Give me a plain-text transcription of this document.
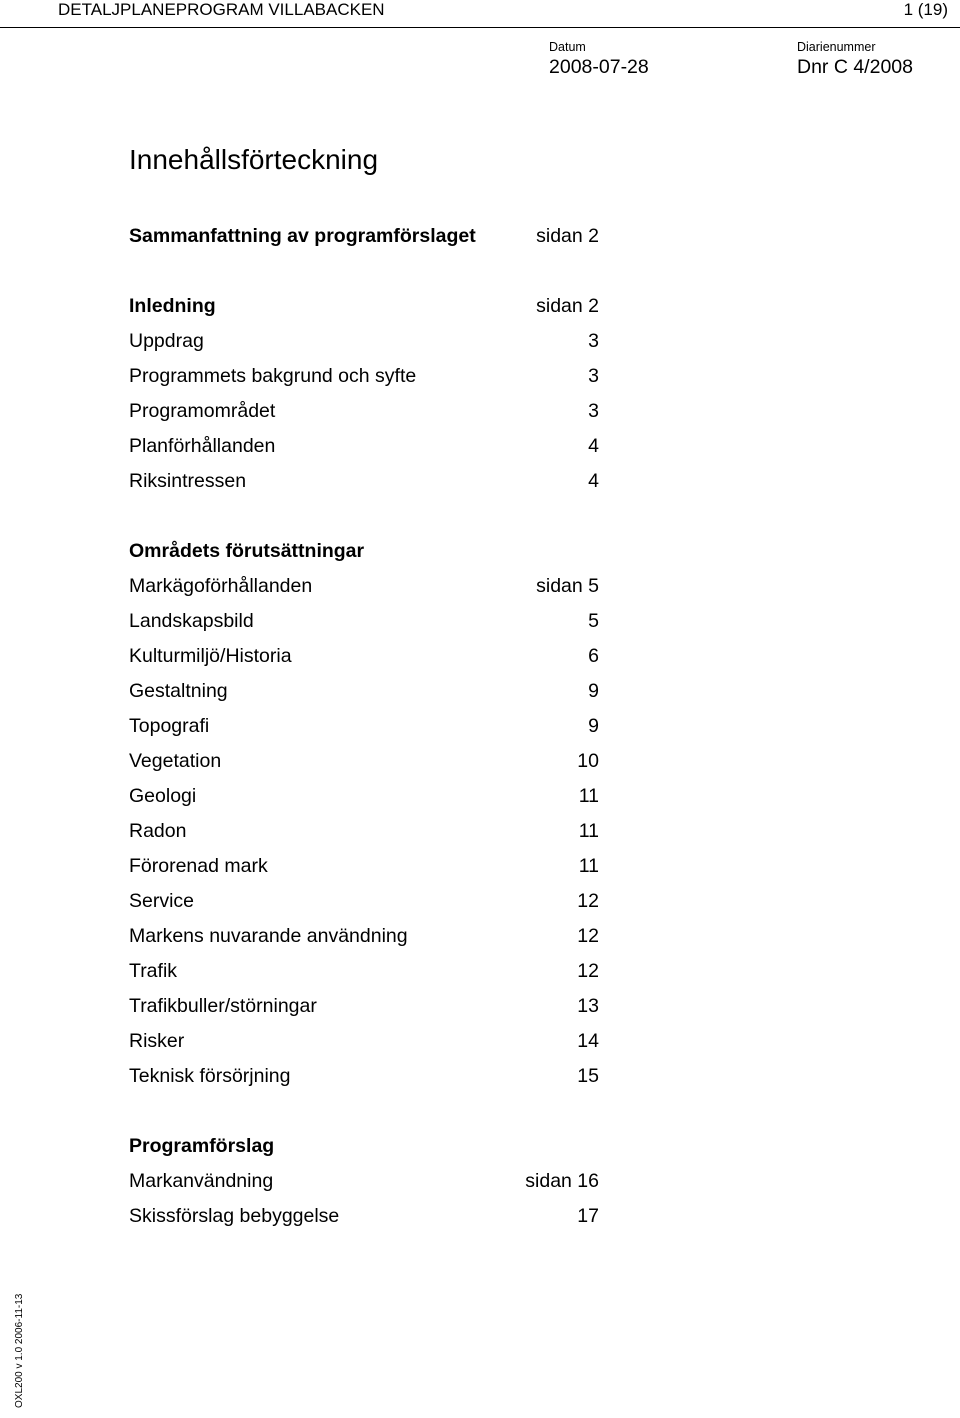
DETALJPLANEPROGRAM VILLABACKEN	1 (19)
Datum
2008-07-28
Diarienummer
Dnr C 4/2008
Innehållsförteckning
Sammanfattning av programförslaget	sidan 2
Inledning	sidan 2
Uppdrag	3
Programmets bakgrund och syfte	3
Programområdet	3
Planförhållanden	4
Riksintressen	4
Områdets förutsättningar
Markägoförhållanden	sidan 5
Landskapsbild	5
Kulturmiljö/Historia	6
Gestaltning	9
Topografi	9
Vegetation	10
Geologi	11
Radon	11
Förorenad mark	11
Service	12
Markens nuvarande användning	12
Trafik	12
Trafikbuller/störningar	13
Risker	14
Teknisk försörjning	15
Programförslag
Markanvändning	sidan 16
Skissförslag bebyggelse	17
OXL200 v 1.0 2006-11-13
